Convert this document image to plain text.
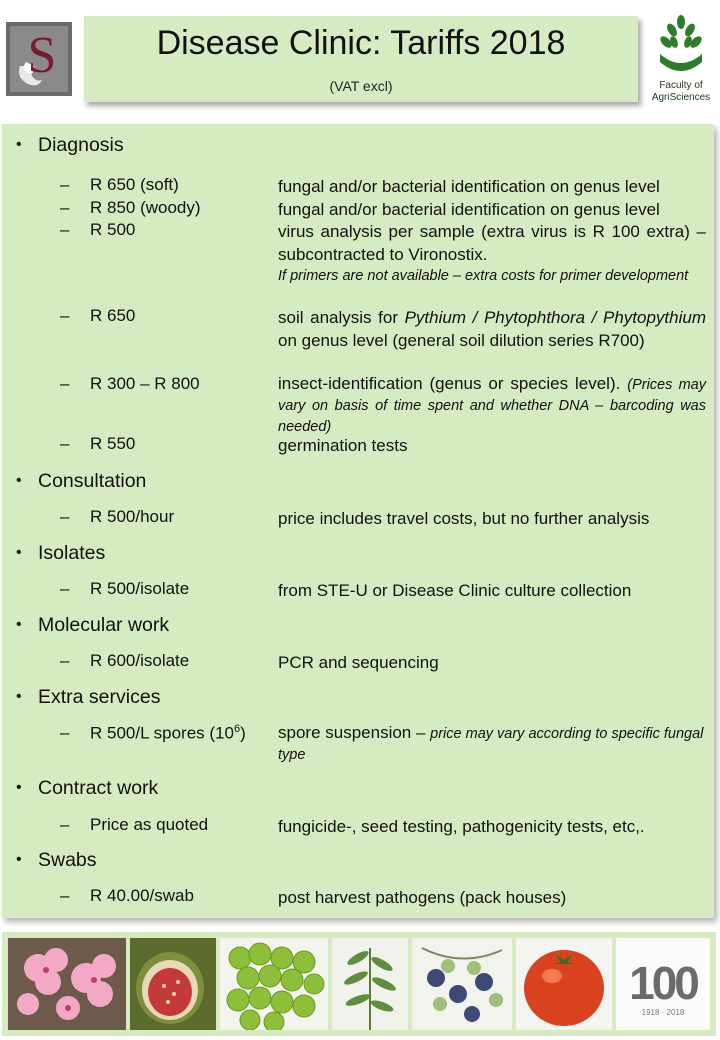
S	Disease Clinic: Tariffs 2018
(VAT excl)	Faculty of AgriSciences
• Diagnosis
– R 650 (soft)	fungal and/or bacterial identification on genus level
– R 850 (woody)	fungal and/or bacterial identification on genus level
– R 500	virus analysis per sample (extra virus is R 100 extra) – subcontracted to Vironostix.
If primers are not available – extra costs for primer development
– R 650	soil analysis for Pythium / Phytophthora / Phytopythium on genus level (general soil dilution series R700)
– R 300 – R 800	insect-identification (genus or species level). (Prices may vary on basis of time spent and whether DNA – barcoding was needed)
– R 550	germination tests
• Consultation
– R 500/hour	price includes travel costs, but no further analysis
• Isolates
– R 500/isolate	from STE-U or Disease Clinic culture collection
• Molecular work
– R 600/isolate	PCR and sequencing
• Extra services
– R 500/L spores $(10^6)$ spore suspension – price may vary according to specific fungal type
• Contract work
– Price as quoted	fungicide-, seed testing, pathogenicity tests, etc,.
• Swabs
– R 40.00/swab	post harvest pathogens (pack houses)
100
1918 · 2018
